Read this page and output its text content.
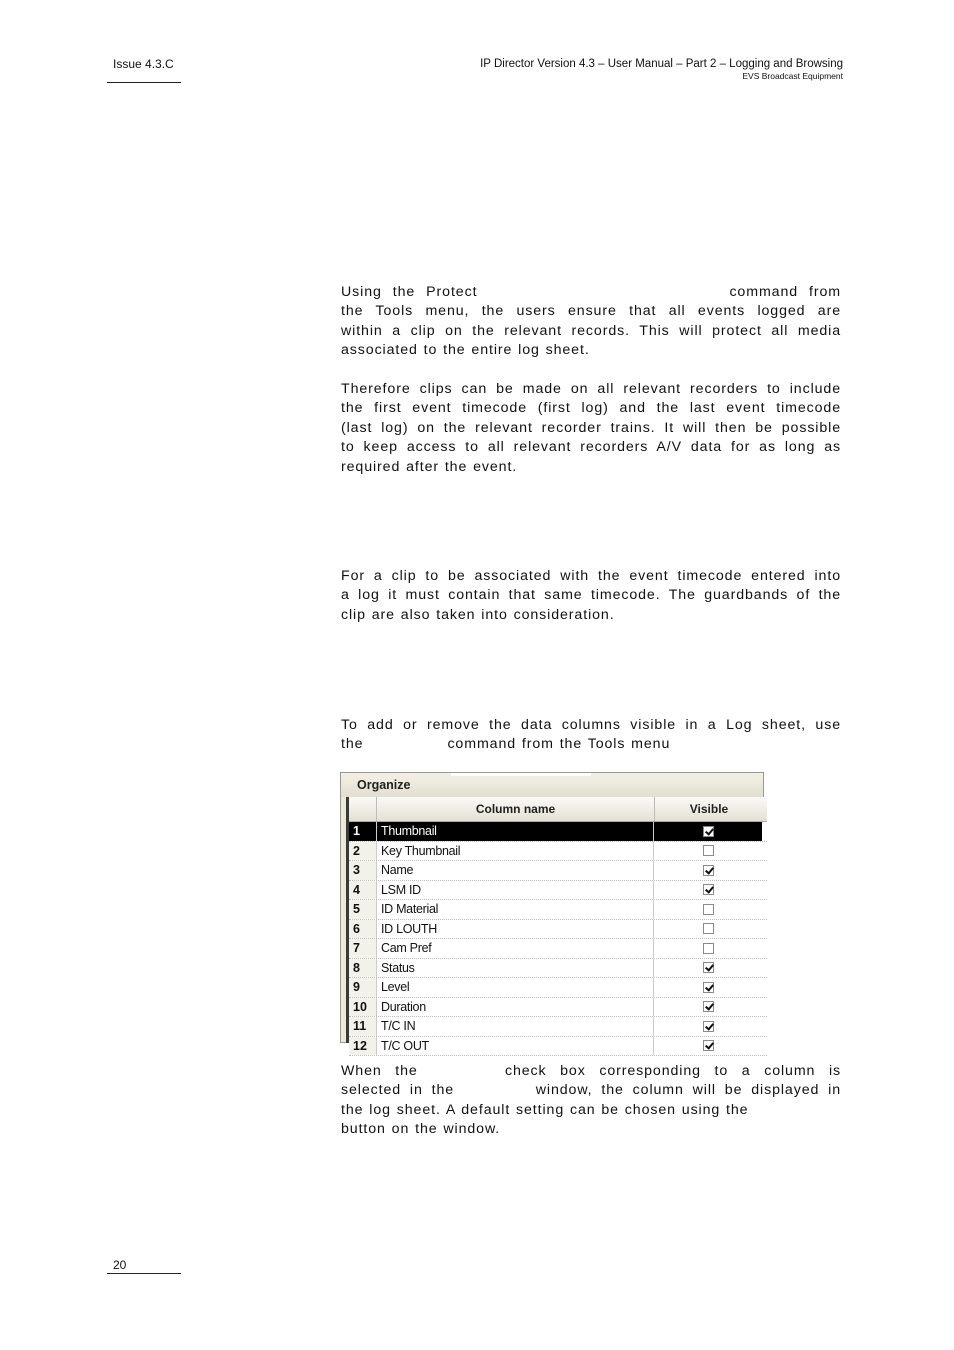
Issue 4.3.C	IP Director Version 4.3 – User Manual – Part 2 – Logging and Browsing
EVS Broadcast Equipment
Using the Protect	command from
the Tools menu, the users ensure that all events logged are
within a clip on the relevant records. This will protect all media
associated to the entire log sheet.
Therefore clips can be made on all relevant recorders to include
the first event timecode (first log) and the last event timecode
(last log) on the relevant recorder trains. It will then be possible
to keep access to all relevant recorders A/V data for as long as
required after the event.
For a clip to be associated with the event timecode entered into
a log it must contain that same timecode. The guardbands of the
clip are also taken into consideration.
To add or remove the data columns visible in a Log sheet, use
the	command from the Tools menu
Organize
Column name	Visible
1	Thumbnail
2	Key Thumbnail
3	Name
4	LSM ID
5	ID Material
6	ID LOUTH
7	Cam Pref
8	Status
9	Level
10	Duration
11	T/C IN
12	T/C OUT
When the	check box corresponding to a column is
selected in the	window, the column will be displayed in
the log sheet. A default setting can be chosen using the
button on the window.
20
